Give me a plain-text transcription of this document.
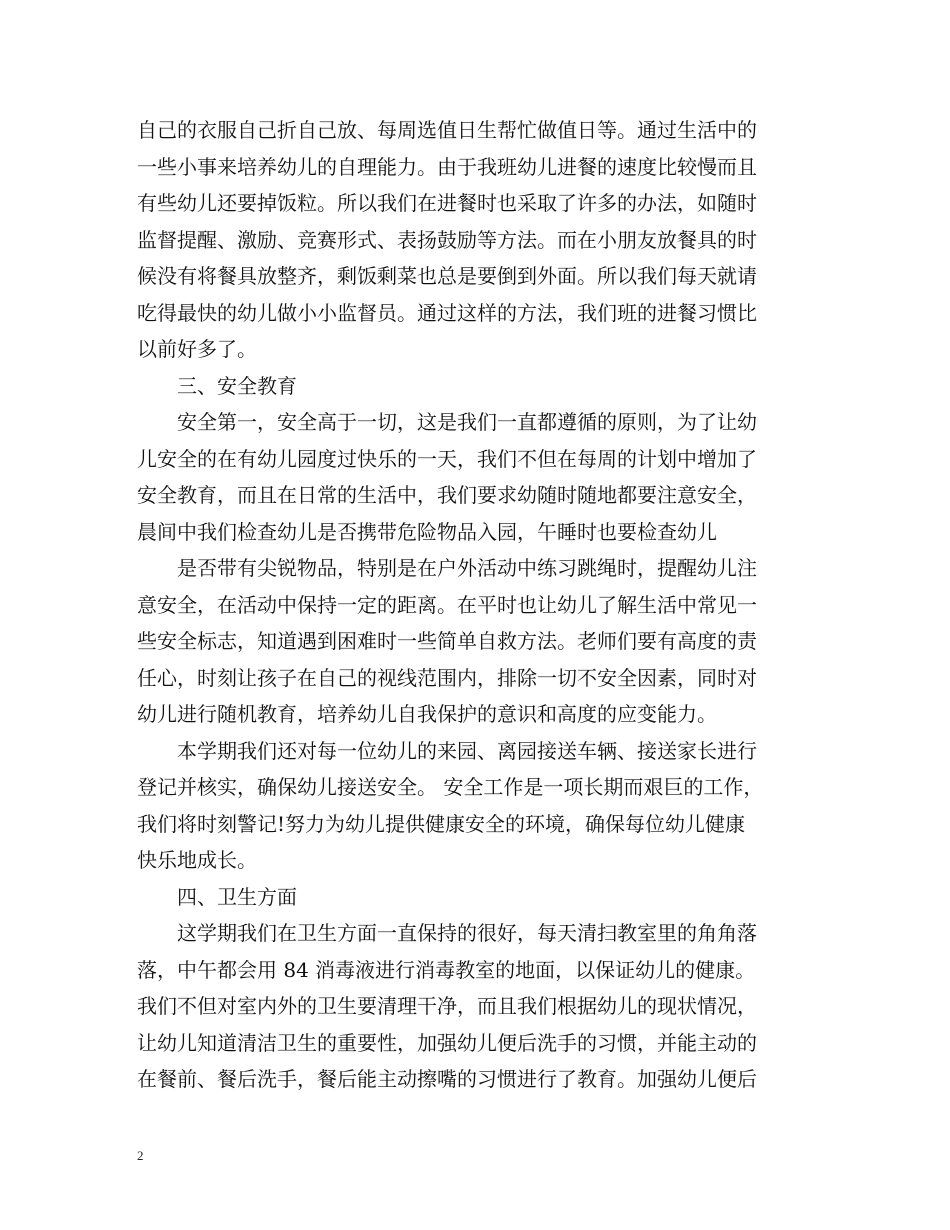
自己的衣服自己折自己放、每周选值日生帮忙做值日等。通过生活中的
一些小事来培养幼儿的自理能力。由于我班幼儿进餐的速度比较慢而且
有些幼儿还要掉饭粒。所以我们在进餐时也采取了许多的办法，如随时
监督提醒、激励、竞赛形式、表扬鼓励等方法。而在小朋友放餐具的时
候没有将餐具放整齐，剩饭剩菜也总是要倒到外面。所以我们每天就请
吃得最快的幼儿做小小监督员。通过这样的方法，我们班的进餐习惯比
以前好多了。
三、安全教育
安全第一，安全高于一切，这是我们一直都遵循的原则，为了让幼
儿安全的在有幼儿园度过快乐的一天，我们不但在每周的计划中增加了
安全教育，而且在日常的生活中，我们要求幼随时随地都要注意安全，
晨间中我们检查幼儿是否携带危险物品入园，午睡时也要检查幼儿
是否带有尖锐物品，特别是在户外活动中练习跳绳时，提醒幼儿注
意安全，在活动中保持一定的距离。在平时也让幼儿了解生活中常见一
些安全标志，知道遇到困难时一些简单自救方法。老师们要有高度的责
任心，时刻让孩子在自己的视线范围内，排除一切不安全因素，同时对
幼儿进行随机教育，培养幼儿自我保护的意识和高度的应变能力。
本学期我们还对每一位幼儿的来园、离园接送车辆、接送家长进行
登记并核实，确保幼儿接送安全。 安全工作是一项长期而艰巨的工作，
我们将时刻警记!努力为幼儿提供健康安全的环境，确保每位幼儿健康
快乐地成长。
四、卫生方面
这学期我们在卫生方面一直保持的很好，每天清扫教室里的角角落
落，中午都会用 84 消毒液进行消毒教室的地面，以保证幼儿的健康。
我们不但对室内外的卫生要清理干净，而且我们根据幼儿的现状情况，
让幼儿知道清洁卫生的重要性，加强幼儿便后洗手的习惯，并能主动的
在餐前、餐后洗手，餐后能主动擦嘴的习惯进行了教育。加强幼儿便后
2
